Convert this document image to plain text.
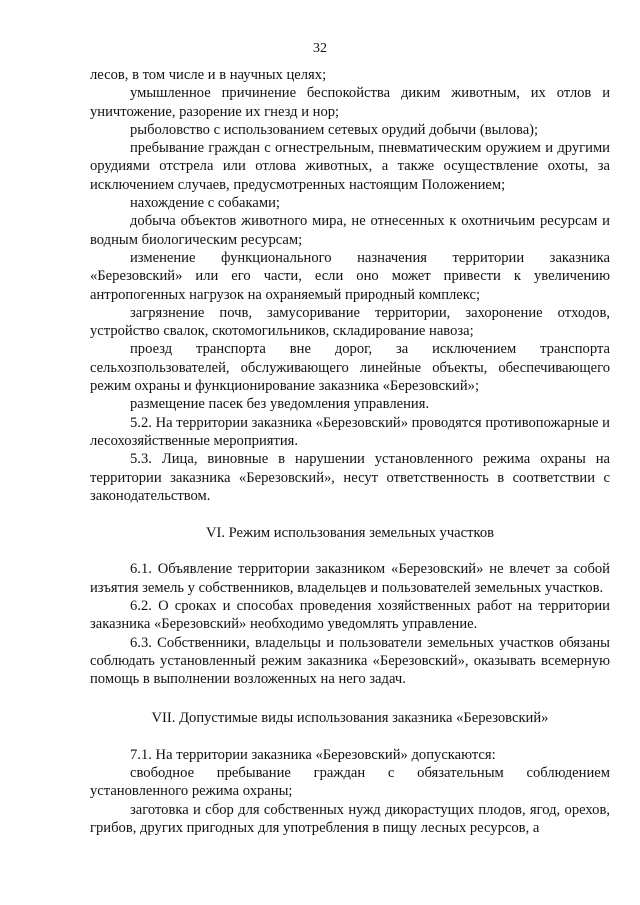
32

лесов, в том числе и в научных целях;

умышленное причинение беспокойства диким животным, их отлов и уничтожение, разорение их гнезд и нор;

рыболовство с использованием сетевых орудий добычи (вылова);

пребывание граждан с огнестрельным, пневматическим оружием и другими орудиями отстрела или отлова животных, а также осуществление охоты, за исключением случаев, предусмотренных настоящим Положением;

нахождение с собаками;

добыча объектов животного мира, не отнесенных к охотничьим ресурсам и водным биологическим ресурсам;

изменение функционального назначения территории заказника «Березовский» или его части, если оно может привести к увеличению антропогенных нагрузок на охраняемый природный комплекс;

загрязнение почв, замусоривание территории, захоронение отходов, устройство свалок, скотомогильников, складирование навоза;

проезд транспорта вне дорог, за исключением транспорта сельхозпользователей, обслуживающего линейные объекты, обеспечивающего режим охраны и функционирование заказника «Березовский»;

размещение пасек без уведомления управления.

5.2. На территории заказника «Березовский» проводятся противопожарные и лесохозяйственные мероприятия.

5.3. Лица, виновные в нарушении установленного режима охраны на территории заказника «Березовский», несут ответственность в соответствии с законодательством.

VI. Режим использования земельных участков

6.1. Объявление территории заказником «Березовский» не влечет за собой изъятия земель у собственников, владельцев и пользователей земельных участков.

6.2. О сроках и способах проведения хозяйственных работ на территории заказника «Березовский» необходимо уведомлять управление.

6.3. Собственники, владельцы и пользователи земельных участков обязаны соблюдать установленный режим заказника «Березовский», оказывать всемерную помощь в выполнении возложенных на него задач.

VII. Допустимые виды использования заказника «Березовский»

7.1. На территории заказника «Березовский» допускаются:

свободное пребывание граждан с обязательным соблюдением установленного режима охраны;

заготовка и сбор для собственных нужд дикорастущих плодов, ягод, орехов, грибов, других пригодных для употребления в пищу лесных ресурсов, а
